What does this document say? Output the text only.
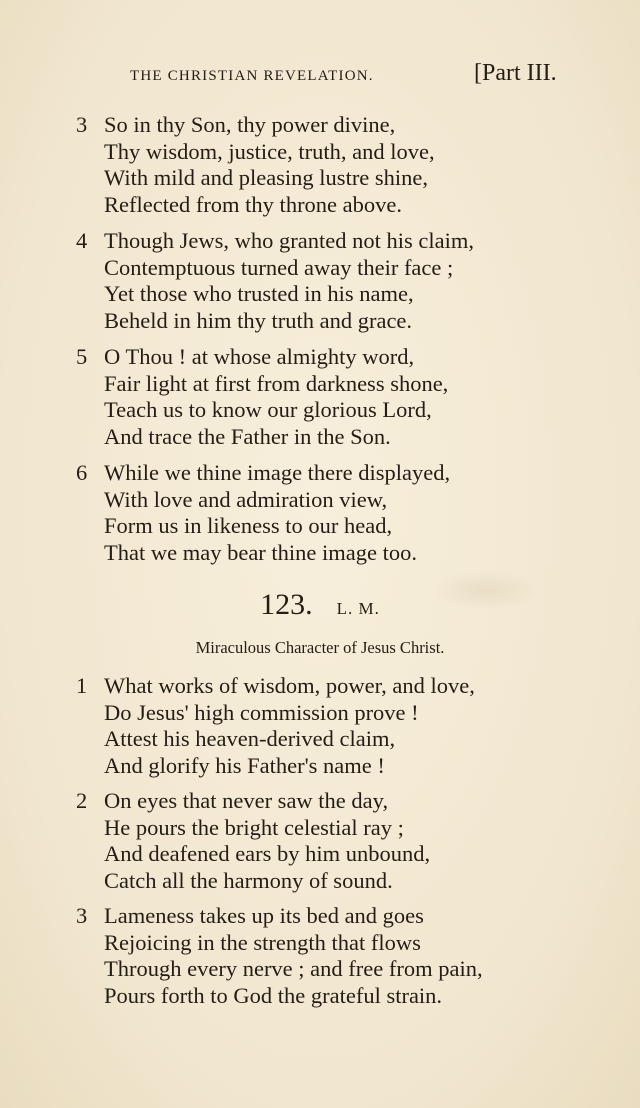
THE CHRISTIAN REVELATION.	[Part III.
3 So in thy Son, thy power divine,
Thy wisdom, justice, truth, and love,
With mild and pleasing lustre shine,
Reflected from thy throne above.
4 Though Jews, who granted not his claim,
Contemptuous turned away their face ;
Yet those who trusted in his name,
Beheld in him thy truth and grace.
5 O Thou ! at whose almighty word,
Fair light at first from darkness shone,
Teach us to know our glorious Lord,
And trace the Father in the Son.
6 While we thine image there displayed,
With love and admiration view,
Form us in likeness to our head,
That we may bear thine image too.
123. L. M.
Miraculous Character of Jesus Christ.
1 What works of wisdom, power, and love,
Do Jesus' high commission prove !
Attest his heaven-derived claim,
And glorify his Father's name !
2 On eyes that never saw the day,
He pours the bright celestial ray ;
And deafened ears by him unbound,
Catch all the harmony of sound.
3 Lameness takes up its bed and goes
Rejoicing in the strength that flows
Through every nerve ; and free from pain,
Pours forth to God the grateful strain.
